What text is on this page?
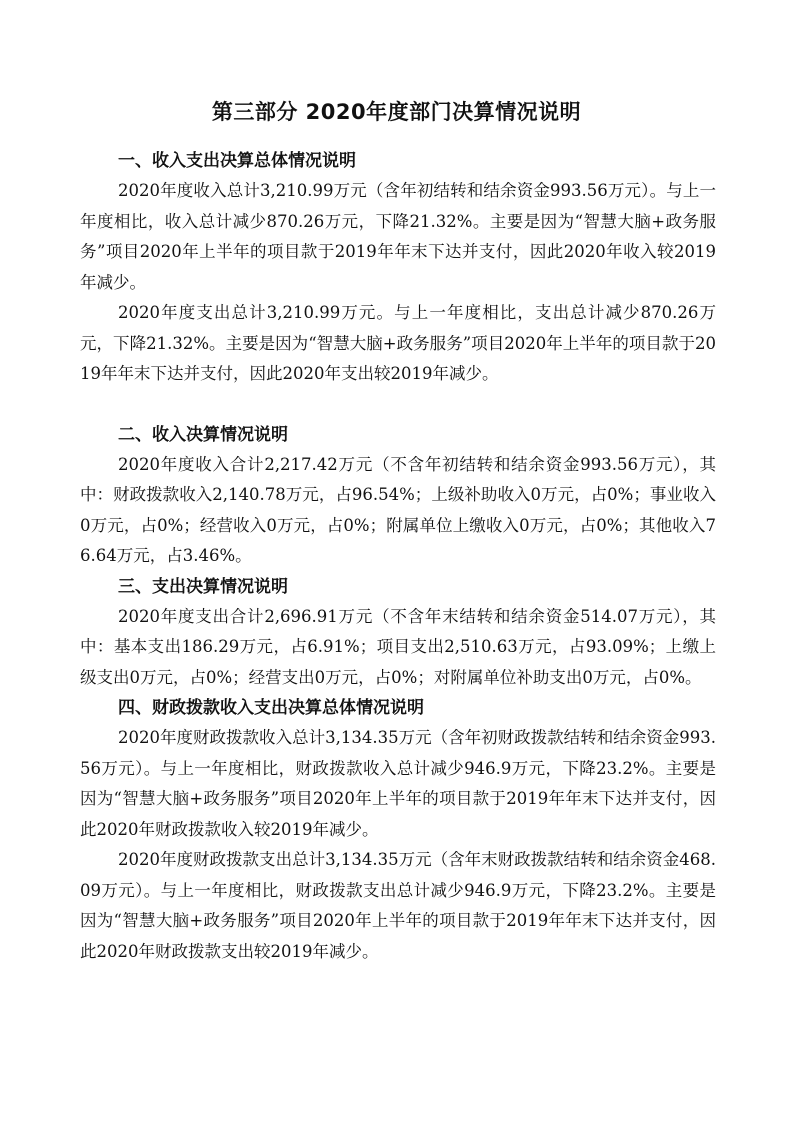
第三部分 2020年度部门决算情况说明

一、收入支出决算总体情况说明

2020年度收入总计3,210.99万元（含年初结转和结余资金993.56万元）。与上一年度相比，收入总计减少870.26万元，下降21.32%。主要是因为“智慧大脑+政务服务”项目2020年上半年的项目款于2019年年末下达并支付，因此2020年收入较2019年减少。

2020年度支出总计3,210.99万元。与上一年度相比，支出总计减少870.26万元，下降21.32%。主要是因为“智慧大脑+政务服务”项目2020年上半年的项目款于2019年年末下达并支付，因此2020年支出较2019年减少。

二、收入决算情况说明

2020年度收入合计2,217.42万元（不含年初结转和结余资金993.56万元），其中：财政拨款收入2,140.78万元，占96.54%；上级补助收入0万元，占0%；事业收入0万元，占0%；经营收入0万元，占0%；附属单位上缴收入0万元，占0%；其他收入76.64万元，占3.46%。

三、支出决算情况说明

2020年度支出合计2,696.91万元（不含年末结转和结余资金514.07万元），其中：基本支出186.29万元，占6.91%；项目支出2,510.63万元，占93.09%；上缴上级支出0万元，占0%；经营支出0万元，占0%；对附属单位补助支出0万元，占0%。

四、财政拨款收入支出决算总体情况说明

2020年度财政拨款收入总计3,134.35万元（含年初财政拨款结转和结余资金993.56万元）。与上一年度相比，财政拨款收入总计减少946.9万元，下降23.2%。主要是因为“智慧大脑+政务服务”项目2020年上半年的项目款于2019年年末下达并支付，因此2020年财政拨款收入较2019年减少。

2020年度财政拨款支出总计3,134.35万元（含年末财政拨款结转和结余资金468.09万元）。与上一年度相比，财政拨款支出总计减少946.9万元，下降23.2%。主要是因为“智慧大脑+政务服务”项目2020年上半年的项目款于2019年年末下达并支付，因此2020年财政拨款支出较2019年减少。
